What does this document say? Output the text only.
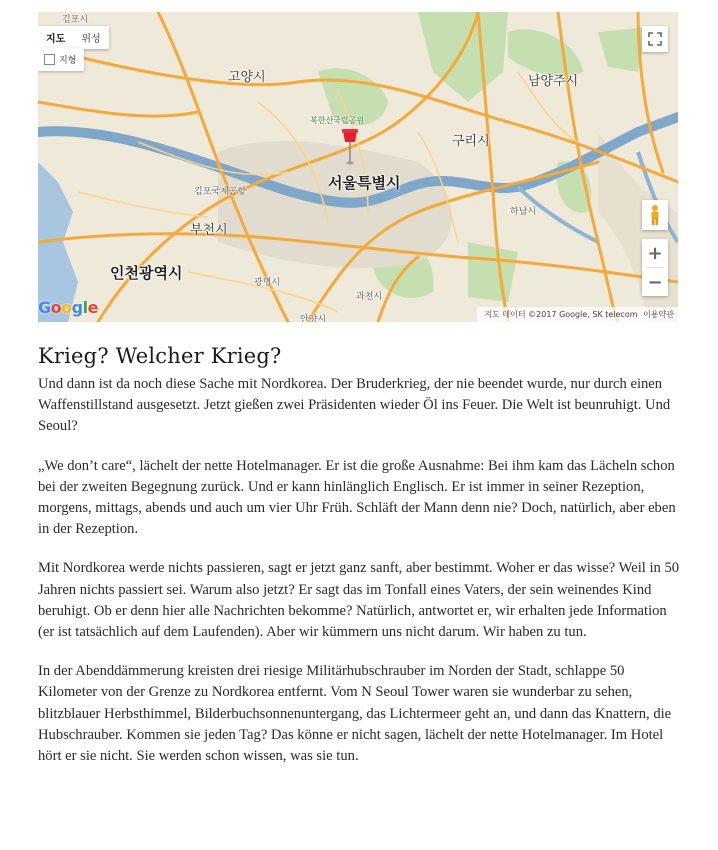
김포시
고양시	남양주시
북한산국립공원
구리시
서울특별시
김포국제공항
하남시
부천시
인천광역시
광명시
과천시
안양시
지도	위성
지형
+
−
Google	지도 데이터 ©2017 Google, SK telecom 이용약관
Krieg? Welcher Krieg?

Und dann ist da noch diese Sache mit Nordkorea. Der Bruderkrieg, der nie beendet wurde, nur durch einen Waffenstillstand ausgesetzt. Jetzt gießen zwei Präsidenten wieder Öl ins Feuer. Die Welt ist beunruhigt. Und Seoul?

„We don’t care“, lächelt der nette Hotelmanager. Er ist die große Ausnahme: Bei ihm kam das Lächeln schon bei der zweiten Begegnung zurück. Und er kann hinlänglich Englisch. Er ist immer in seiner Rezeption, morgens, mittags, abends und auch um vier Uhr Früh. Schläft der Mann denn nie? Doch, natürlich, aber eben in der Rezeption.

Mit Nordkorea werde nichts passieren, sagt er jetzt ganz sanft, aber bestimmt. Woher er das wisse? Weil in 50 Jahren nichts passiert sei. Warum also jetzt? Er sagt das im Tonfall eines Vaters, der sein weinendes Kind beruhigt. Ob er denn hier alle Nachrichten bekomme? Natürlich, antwortet er, wir erhalten jede Information (er ist tatsächlich auf dem Laufenden). Aber wir kümmern uns nicht darum. Wir haben zu tun.

In der Abenddämmerung kreisten drei riesige Militärhubschrauber im Norden der Stadt, schlappe 50 Kilometer von der Grenze zu Nordkorea entfernt. Vom N Seoul Tower waren sie wunderbar zu sehen, blitzblauer Herbsthimmel, Bilderbuchsonnenuntergang, das Lichtermeer geht an, und dann das Knattern, die Hubschrauber. Kommen sie jeden Tag? Das könne er nicht sagen, lächelt der nette Hotelmanager. Im Hotel hört er sie nicht. Sie werden schon wissen, was sie tun.
